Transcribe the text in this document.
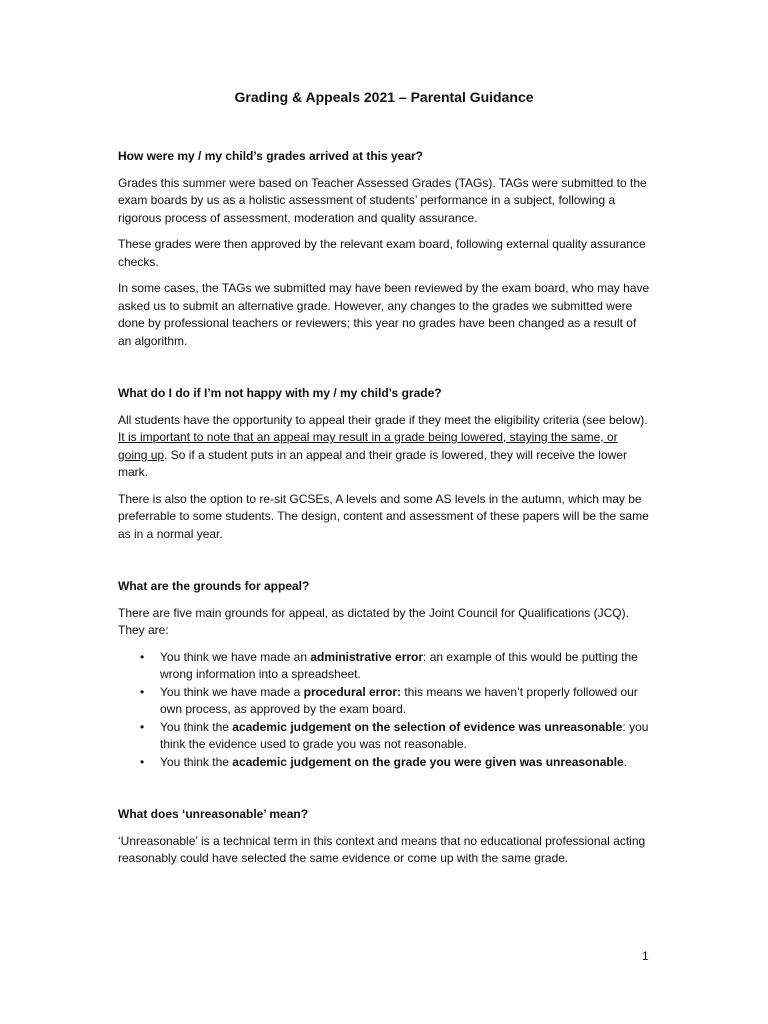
Grading & Appeals 2021 – Parental Guidance
How were my / my child’s grades arrived at this year?

Grades this summer were based on Teacher Assessed Grades (TAGs). TAGs were submitted to the exam boards by us as a holistic assessment of students’ performance in a subject, following a rigorous process of assessment, moderation and quality assurance.

These grades were then approved by the relevant exam board, following external quality assurance checks.

In some cases, the TAGs we submitted may have been reviewed by the exam board, who may have asked us to submit an alternative grade. However, any changes to the grades we submitted were done by professional teachers or reviewers; this year no grades have been changed as a result of an algorithm.

What do I do if I’m not happy with my / my child’s grade?

All students have the opportunity to appeal their grade if they meet the eligibility criteria (see below). It is important to note that an appeal may result in a grade being lowered, staying the same, or going up. So if a student puts in an appeal and their grade is lowered, they will receive the lower mark.

There is also the option to re-sit GCSEs, A levels and some AS levels in the autumn, which may be preferrable to some students. The design, content and assessment of these papers will be the same as in a normal year.

What are the grounds for appeal?

There are five main grounds for appeal, as dictated by the Joint Council for Qualifications (JCQ). They are:

• You think we have made an administrative error: an example of this would be putting the wrong information into a spreadsheet.
• You think we have made a procedural error: this means we haven’t properly followed our own process, as approved by the exam board.
• You think the academic judgement on the selection of evidence was unreasonable: you think the evidence used to grade you was not reasonable.
• You think the academic judgement on the grade you were given was unreasonable.
What does ‘unreasonable’ mean?

‘Unreasonable’ is a technical term in this context and means that no educational professional acting reasonably could have selected the same evidence or come up with the same grade.

1
